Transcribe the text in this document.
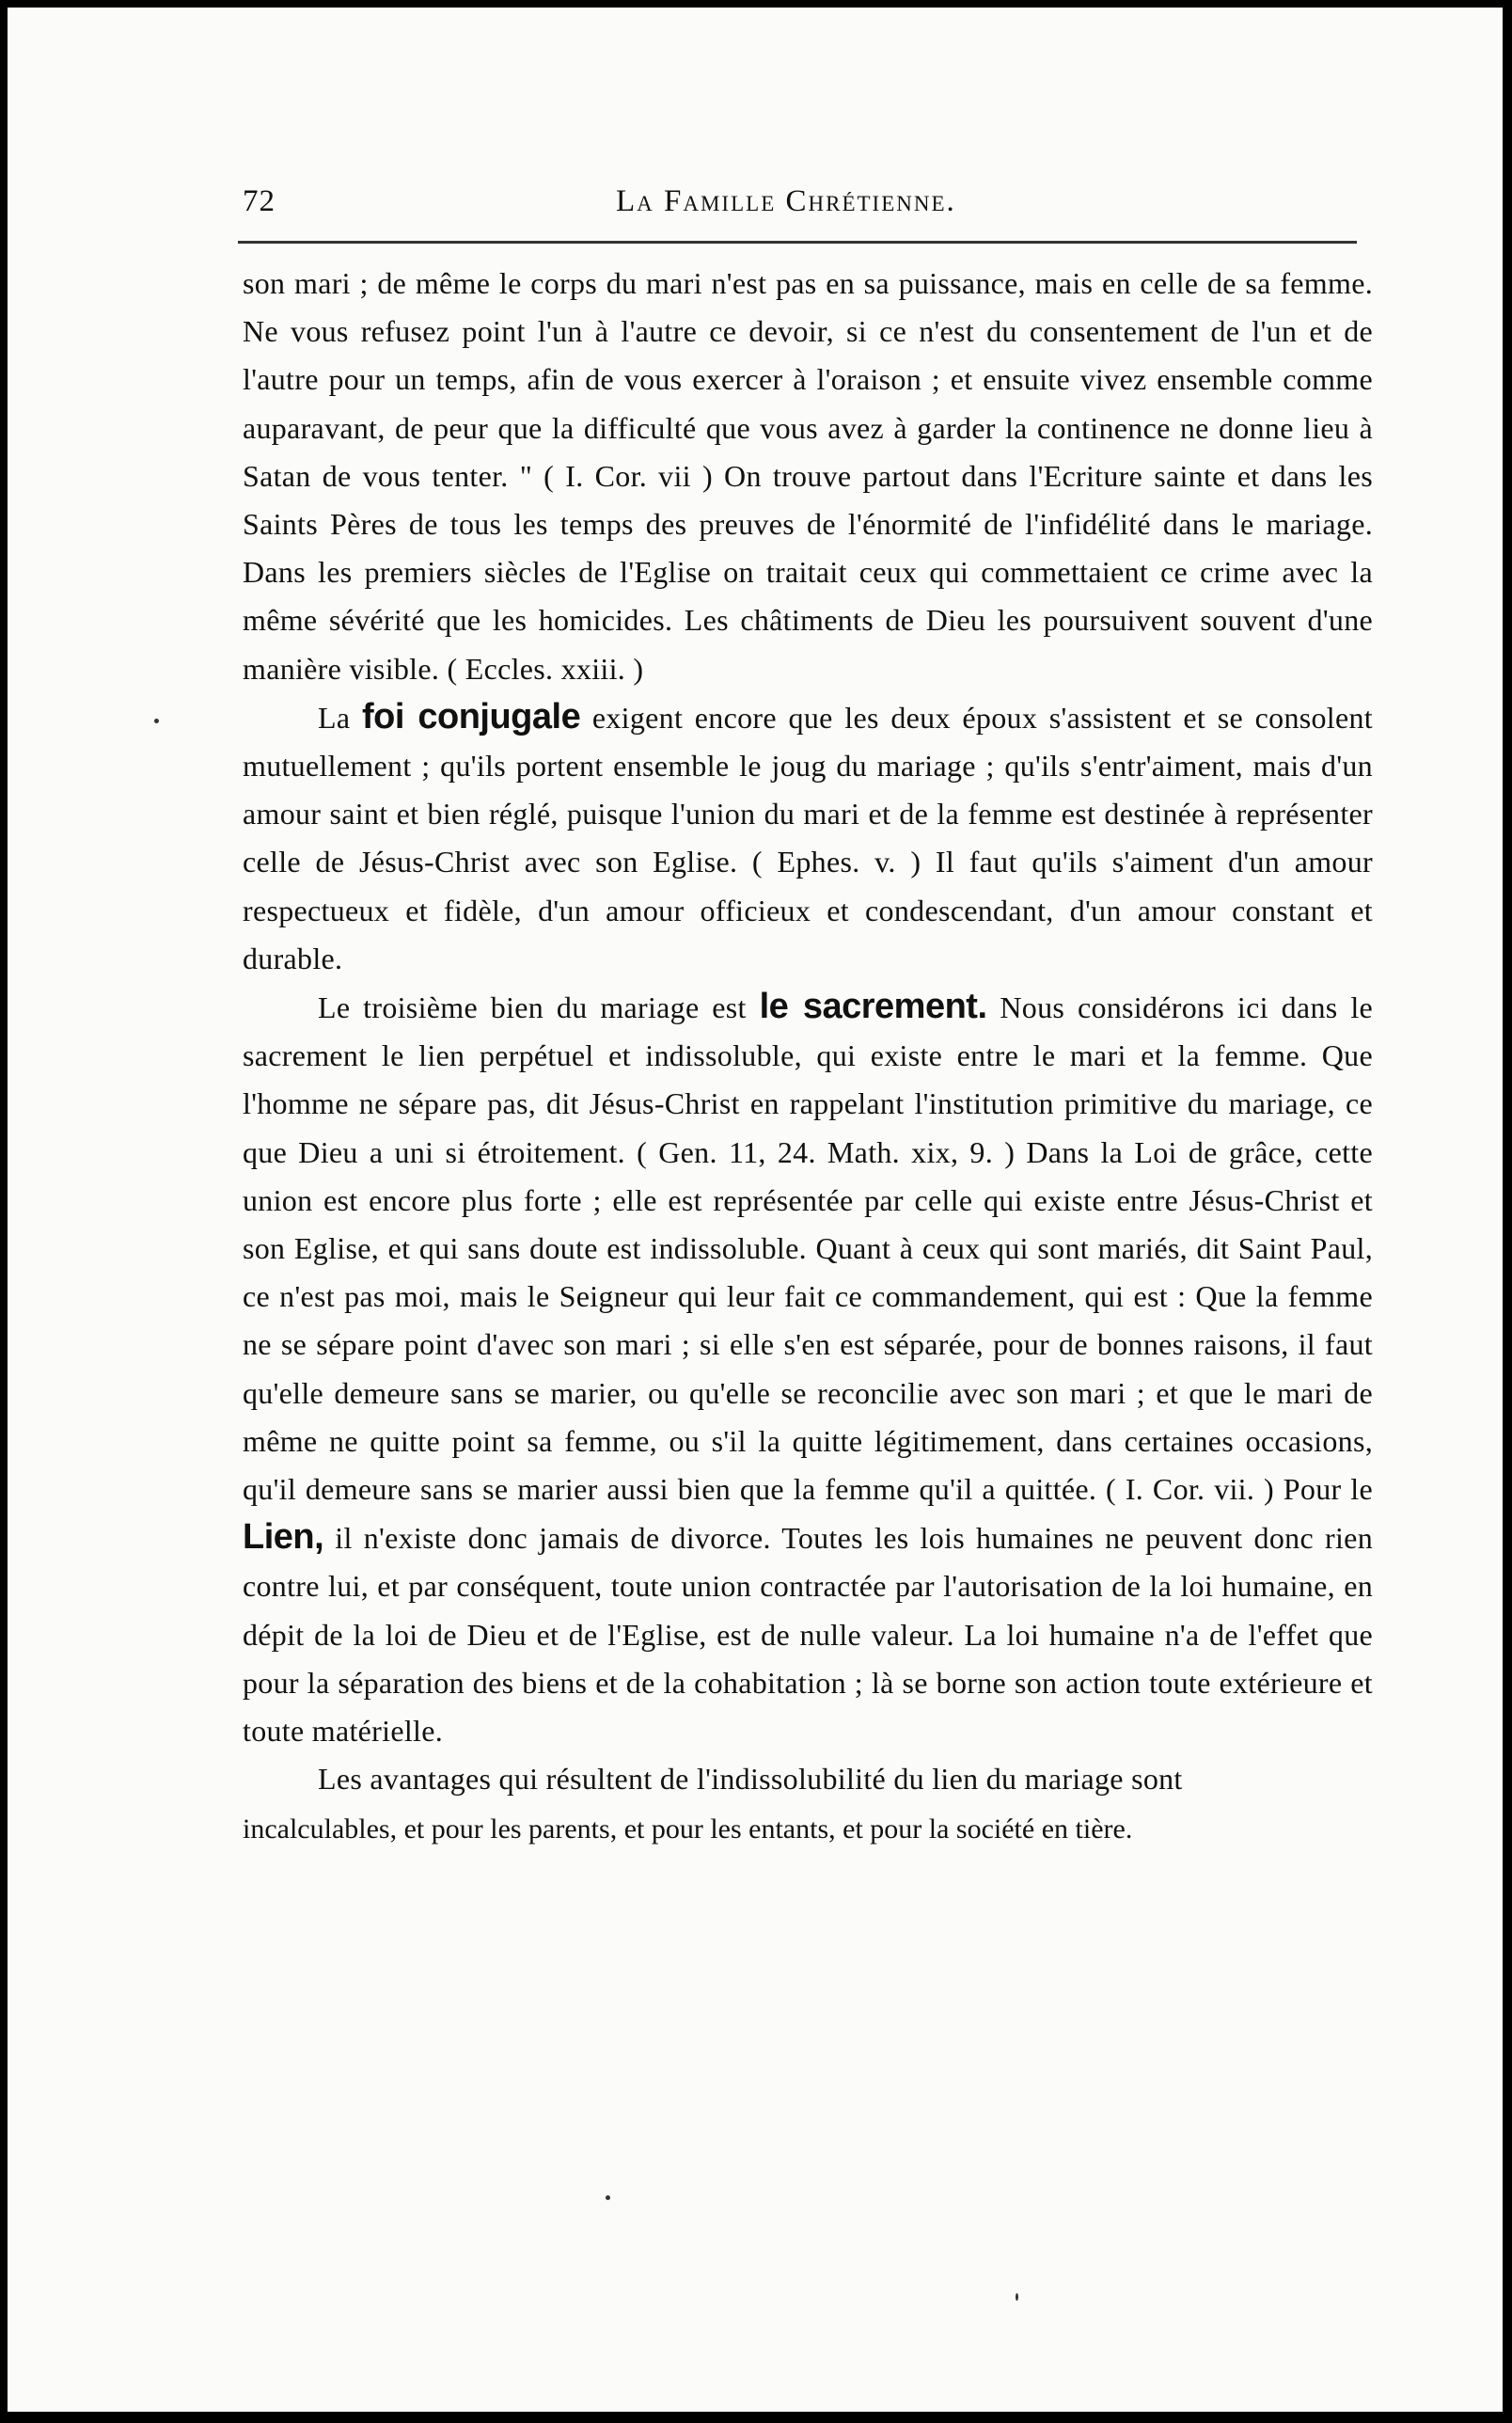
72	La Famille Chrétienne.

son mari ; de même le corps du mari n'est pas en sa puissance, mais en celle de sa femme. Ne vous refusez point l'un à l'autre ce devoir, si ce n'est du consentement de l'un et de l'autre pour un temps, afin de vous exercer à l'oraison ; et ensuite vivez ensemble comme auparavant, de peur que la difficulté que vous avez à garder la continence ne donne lieu à Satan de vous tenter. " ( I. Cor. vii ) On trouve partout dans l'Ecriture sainte et dans les Saints Pères de tous les temps des preuves de l'énormité de l'infidélité dans le mariage. Dans les premiers siècles de l'Eglise on traitait ceux qui commettaient ce crime avec la même sévérité que les homicides. Les châtiments de Dieu les poursuivent souvent d'une manière visible. ( Eccles. xxiii. )

La foi conjugale exigent encore que les deux époux s'assistent et se consolent mutuellement ; qu'ils portent ensemble le joug du mariage ; qu'ils s'entr'aiment, mais d'un amour saint et bien réglé, puisque l'union du mari et de la femme est destinée à représenter celle de Jésus-Christ avec son Eglise. ( Ephes. v. ) Il faut qu'ils s'aiment d'un amour respectueux et fidèle, d'un amour officieux et condescendant, d'un amour constant et durable.

Le troisième bien du mariage est le sacrement. Nous considérons ici dans le sacrement le lien perpétuel et indissoluble, qui existe entre le mari et la femme. Que l'homme ne sépare pas, dit Jésus-Christ en rappelant l'institution primitive du mariage, ce que Dieu a uni si étroitement. ( Gen. 11, 24. Math. xix, 9. ) Dans la Loi de grâce, cette union est encore plus forte ; elle est représentée par celle qui existe entre Jésus-Christ et son Eglise, et qui sans doute est indissoluble. Quant à ceux qui sont mariés, dit Saint Paul, ce n'est pas moi, mais le Seigneur qui leur fait ce commandement, qui est : Que la femme ne se sépare point d'avec son mari ; si elle s'en est séparée, pour de bonnes raisons, il faut qu'elle demeure sans se marier, ou qu'elle se reconcilie avec son mari ; et que le mari de même ne quitte point sa femme, ou s'il la quitte légitimement, dans certaines occasions, qu'il demeure sans se marier aussi bien que la femme qu'il a quittée. ( I. Cor. vii. ) Pour le Lien, il n'existe donc jamais de divorce. Toutes les lois humaines ne peuvent donc rien contre lui, et par conséquent, toute union contractée par l'autorisation de la loi humaine, en dépit de la loi de Dieu et de l'Eglise, est de nulle valeur. La loi humaine n'a de l'effet que pour la séparation des biens et de la cohabitation ; là se borne son action toute extérieure et toute matérielle.

Les avantages qui résultent de l'indissolubilité du lien du mariage sont

incalculables, et pour les parents, et pour les entants, et pour la société en tière.
